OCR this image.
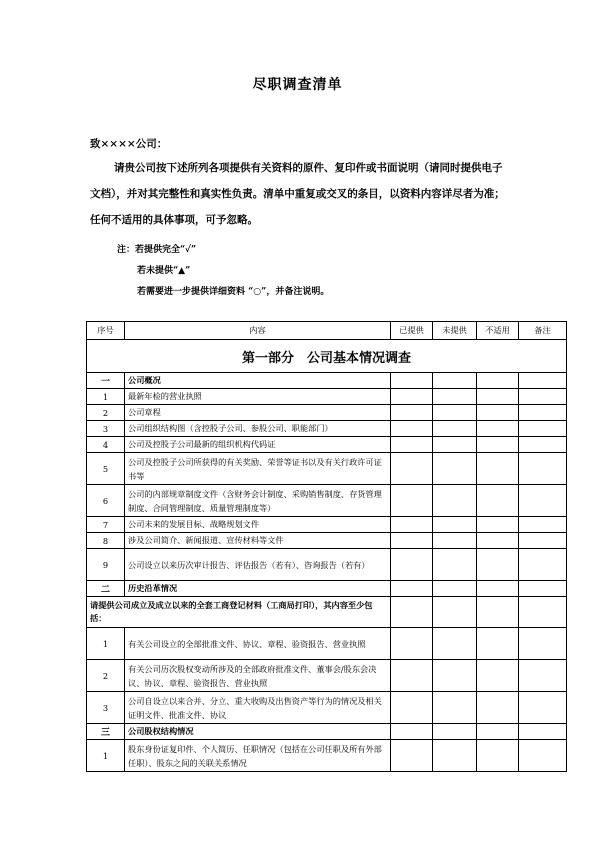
尽职调查清单
致××××公司：
请贵公司按下述所列各项提供有关资料的原件、复印件或书面说明（请同时提供电子文档），并对其完整性和真实性负责。清单中重复或交叉的条目，以资料内容详尽者为准；任何不适用的具体事项，可予忽略。
注：若提供完全“✓”
若未提供“▲”
若需要进一步提供详细资料 “○”，并备注说明。
序号	内容	已提供	未提供	不适用	备注
第一部分　公司基本情况调查					
一	公司概况				
1	最新年检的营业执照				
2	公司章程				
3	公司组织结构图（含控股子公司、参股公司、职能部门）				
4	公司及控股子公司最新的组织机构代码证				
5	公司及控股子公司所获得的有关奖励、荣誉等证书以及有关行政许可证书等				
6	公司的内部规章制度文件（含财务会计制度、采购销售制度、存货管理制度、合同管理制度、质量管理制度等）				
7	公司未来的发展目标、战略规划文件				
8	涉及公司简介、新闻报道、宣传材料等文件				
9	公司设立以来历次审计报告、评估报告（若有）、咨询报告（若有）				
二	历史沿革情况				
请提供公司成立及成立以来的全套工商登记材料（工商局打印），其内容至少包括：					
1	有关公司设立的全部批准文件、协议、章程、验资报告、营业执照				
2	有关公司历次股权变动所涉及的全部政府批准文件、董事会/股东会决议、协议、章程、验资报告、营业执照				
3	公司自设立以来合并、分立、重大收购及出售资产等行为的情况及相关证明文件、批准文件、协议				
三	公司股权结构情况				
1	股东身份证复印件、个人简历、任职情况（包括在公司任职及所有外部任职）、股东之间的关联关系情况				
